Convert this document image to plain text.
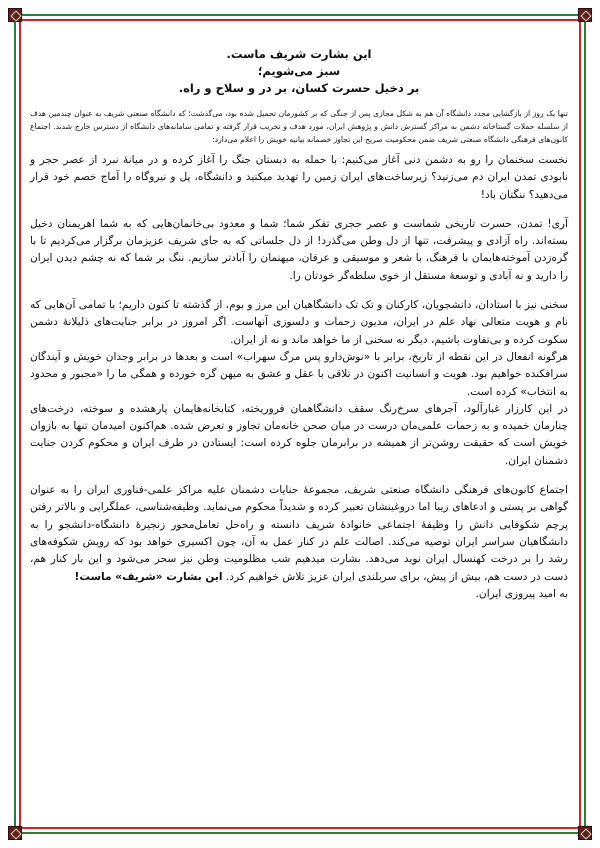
این بشارت شریف ماست.

سبز می‌شویم؛

بر دخیل حسرت کسان، بر در و سلاح و راه.

تنها یک روز از بازگشایی مجدد دانشگاه آن هم به شکل مجازی پس از جنگی که بر کشورمان تحمیل شده بود، می‌گذشت؛ که دانشگاه صنعتی شریف به عنوان چندمین هدف از سلسله حملات گستاخانه دشمن به مراکز گسترش دانش و پژوهش ایران، مورد هدف و تخریب قرار گرفته و تمامی سامانه‌های دانشگاه از دسترس خارج شدند. اجتماع کانون‌های فرهنگی دانشگاه صنعتی شریف ضمن محکومیت صریح این تجاوز خصمانه بیانیه خویش را اعلام می‌دارد:

نخست سخنمان را رو به دشمن دنی آغاز می‌کنیم: با حمله به دبستان جنگ را آغاز کرده و در میانهٔ نبرد از عصر حجر و نابودی تمدن ایران دم می‌زنید؟ زیرساخت‌های ایران زمین را تهدید میکنید و دانشگاه، پل و نیروگاه را آماج خصم خود قرار می‌دهید؟ ننگتان باد!

آری! تمدن، حسرت تاریخی شماست و عصر حجری تفکر شما؛ شما و معدود بی‌خانمان‌هایی که به شما اهریمنان دخیل بسته‌اند. راه آزادی و پیشرفت، تنها از دل وطن می‌گذرد! از دل جلساتی که به جای شریف عزیزمان برگزار می‌کردیم تا با گره‌زدن آموخته‌هایمان با فرهنگ، با شعر و موسیقی و عرفان، میهنمان را آبادتر سازیم. ننگ بر شما که نه چشم دیدن ایران را دارید و نه آبادی و توسعهٔ مستقل از خوی سلطه‌گر خودتان را.

سخنی نیز با استادان، دانشجویان، کارکنان و تک تک دانشگاهیان این مرز و بوم، از گذشته تا کنون داریم؛ با تمامی آن‌هایی که نام و هویت متعالی نهاد علم در ایران، مدیون زحمات و دلسوزی آنهاست. اگر امروز در برابر جنایت‌های ذلیلانهٔ دشمن سکوت کرده و بی‌تفاوت باشیم، دیگر نه سخنی از ما خواهد ماند و نه از ایران.

هرگونه انفعال در این نقطه از تاریخ، برابر با «نوش‌دارو پس مرگ سهراب» است و بعدها در برابر وجدان خویش و آیندگان سرافکنده خواهیم بود. هویت و انسانیت اکنون در تلاقی با عقل و عشق به میهن گره خورده و همگی ما را «مجبور و محدود به انتخاب» کرده است.

در این کارزار غبارآلود، آجرهای سرخ‌رنگ سقف دانشگاهمان فروریخته، کتابخانه‌هایمان پارهشده و سوخته، درخت‌های چنارمان خمیده و به زحمات علمی‌مان درست در میان صحن خانه‌مان تجاوز و تعرض شده. هم‌اکنون امیدمان تنها به بازوان خویش است که حقیقت روشن‌تر از همیشه در برابرمان جلوه کرده است: ایستادن در طرف ایران و محکوم کردن جنایت دشمنان ایران.

اجتماع کانون‌های فرهنگی دانشگاه صنعتی شریف، مجموعهٔ جنایات دشمنان علیه مراکز علمی-فناوری ایران را به عنوان گواهی بر پستی و ادعاهای زیبا اما دروغینشان تعبیر کرده و شدیداً محکوم می‌نماید. وظیفه‌شناسی، عملگرایی و بالاتر رفتن پرچم شکوفایی دانش را وظیفهٔ اجتماعی خانوادهٔ شریف دانسته و راه‌حل تعامل‌محور زنجیرهٔ دانشگاه-دانشجو را به دانشگاهیان سراسر ایران توصیه می‌کند. اصالت علم در کنار عمل به آن، چون اکسیری خواهد بود که رویش شکوفه‌های رشد را بر درخت کهنسال ایران نوید می‌دهد. بشارت میدهیم شب مظلومیت وطن نیز سحر می‌شود و این بار کنار هم، دست در دست هم، بیش از پیش، برای سربلندی ایران عزیز تلاش خواهیم کرد. این بشارت «شریف» ماست!

به امید پیروزی ایران.
